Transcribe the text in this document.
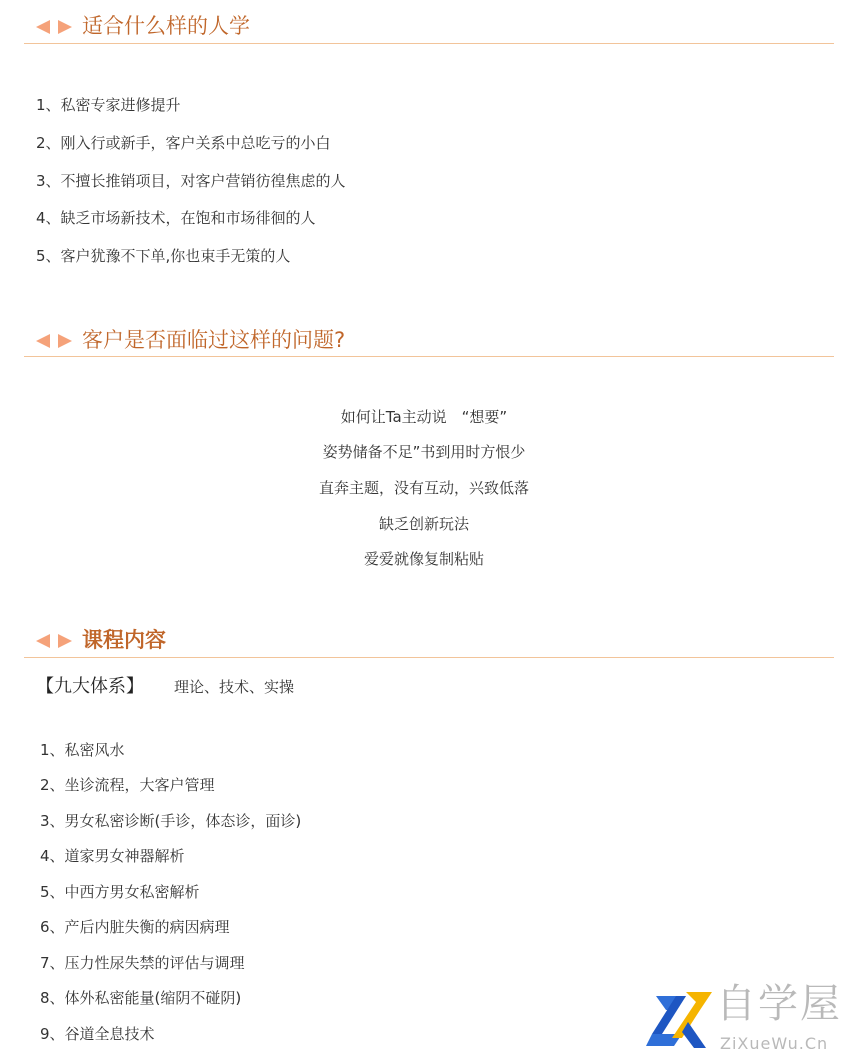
适合什么样的人学
1、私密专家进修提升
2、刚入行或新手，客户关系中总吃亏的小白
3、不擅长推销项目，对客户营销彷徨焦虑的人
4、缺乏市场新技术，在饱和市场徘徊的人
5、客户犹豫不下单,你也束手无策的人
客户是否面临过这样的问题?
如何让Ta主动说　“想要”
姿势储备不足”书到用时方恨少
直奔主题，没有互动，兴致低落
缺乏创新玩法
爱爱就像复制粘贴
课程内容
【九大体系】 理论、技术、实操
1、私密风水
2、坐诊流程，大客户管理
3、男女私密诊断(手诊，体态诊，面诊)
4、道家男女神器解析
5、中西方男女私密解析
6、产后内脏失衡的病因病理
7、压力性尿失禁的评估与调理
8、体外私密能量(缩阴不碰阴)
9、谷道全息技术
自学屋
ZiXueWu.Cn
